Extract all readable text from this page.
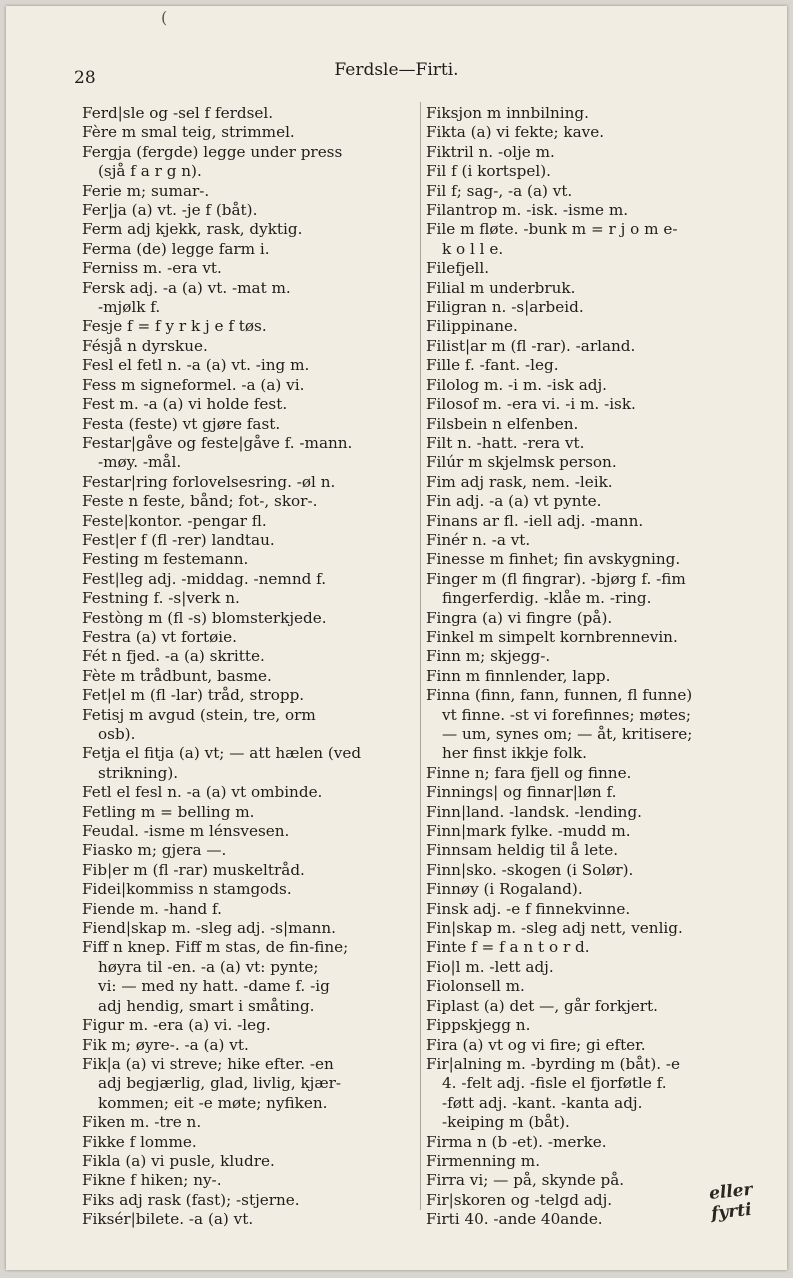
(
28	Ferdsle—Firti.
Ferd|sle og -sel f ferdsel.
Fère m smal teig, strimmel.
Fergja (fergde) legge under press
(sjå f a r g n).
Ferie m; sumar-.
Fer|ja (a) vt. -je f (båt).
Ferm adj kjekk, rask, dyktig.
Ferma (de) legge farm i.
Ferniss m. -era vt.
Fersk adj. -a (a) vt. -mat m.
-mjølk f.
Fesje f = f y r k j e f tøs.
Fésjå n dyrskue.
Fesl el fetl n. -a (a) vt. -ing m.
Fess m signeformel. -a (a) vi.
Fest m. -a (a) vi holde fest.
Festa (feste) vt gjøre fast.
Festar|gåve og feste|gåve f. -mann.
-møy. -mål.
Festar|ring forlovelsesring. -øl n.
Feste n feste, bånd; fot-, skor-.
Feste|kontor. -pengar fl.
Fest|er f (fl -rer) landtau.
Festing m festemann.
Fest|leg adj. -middag. -nemnd f.
Festning f. -s|verk n.
Festòng m (fl -s) blomsterkjede.
Festra (a) vt fortøie.
Fét n fjed. -a (a) skritte.
Fète m trådbunt, basme.
Fet|el m (fl -lar) tråd, stropp.
Fetisj m avgud (stein, tre, orm
osb).
Fetja el fitja (a) vt; — att hælen (ved
strikning).
Fetl el fesl n. -a (a) vt ombinde.
Fetling m = belling m.
Feudal. -isme m lénsvesen.
Fiasko m; gjera —.
Fib|er m (fl -rar) muskeltråd.
Fidei|kommiss n stamgods.
Fiende m. -hand f.
Fiend|skap m. -sleg adj. -s|mann.
Fiff n knep. Fiff m stas, de fin-fine;
høyra til -en. -a (a) vt: pynte;
vi: — med ny hatt. -dame f. -ig
adj hendig, smart i småting.
Figur m. -era (a) vi. -leg.
Fik m; øyre-. -a (a) vt.
Fik|a (a) vi streve; hike efter. -en
adj begjærlig, glad, livlig, kjær-
kommen; eit -e møte; nyfiken.
Fiken m. -tre n.
Fikke f lomme.
Fikla (a) vi pusle, kludre.
Fikne f hiken; ny-.
Fiks adj rask (fast); -stjerne.
Fiksér|bilete. -a (a) vt.
Fiksjon m innbilning.
Fikta (a) vi fekte; kave.
Fiktril n. -olje m.
Fil f (i kortspel).
Fil f; sag-, -a (a) vt.
Filantrop m. -isk. -isme m.
File m fløte. -bunk m = r j o m e-
k o l l e.
Filefjell.
Filial m underbruk.
Filigran n. -s|arbeid.
Filippinane.
Filist|ar m (fl -rar). -arland.
Fille f. -fant. -leg.
Filolog m. -i m. -isk adj.
Filosof m. -era vi. -i m. -isk.
Filsbein n elfenben.
Filt n. -hatt. -rera vt.
Filúr m skjelmsk person.
Fim adj rask, nem. -leik.
Fin adj. -a (a) vt pynte.
Finans ar fl. -iell adj. -mann.
Finér n. -a vt.
Finesse m finhet; fin avskygning.
Finger m (fl fingrar). -bjørg f. -fim
fingerferdig. -klåe m. -ring.
Fingra (a) vi fingre (på).
Finkel m simpelt kornbrennevin.
Finn m; skjegg-.
Finn m finnlender, lapp.
Finna (finn, fann, funnen, fl funne)
vt finne. -st vi forefinnes; møtes;
— um, synes om; — åt, kritisere;
her finst ikkje folk.
Finne n; fara fjell og finne.
Finnings| og finnar|løn f.
Finn|land. -landsk. -lending.
Finn|mark fylke. -mudd m.
Finnsam heldig til å lete.
Finn|sko. -skogen (i Solør).
Finnøy (i Rogaland).
Finsk adj. -e f finnekvinne.
Fin|skap m. -sleg adj nett, venlig.
Finte f = f a n t o r d.
Fio|l m. -lett adj.
Fiolonsell m.
Fiplast (a) det —, går forkjert.
Fippskjegg n.
Fira (a) vt og vi fire; gi efter.
Fir|alning m. -byrding m (båt). -e
4. -felt adj. -fisle el fjorføtle f.
-føtt adj. -kant. -kanta adj.
-keiping m (båt).
Firma n (b -et). -merke.
Firmenning m.
Firra vi; — på, skynde på.
Fir|skoren og -telgd adj.
Firti 40. -ande 40ande.
eller fyrti
